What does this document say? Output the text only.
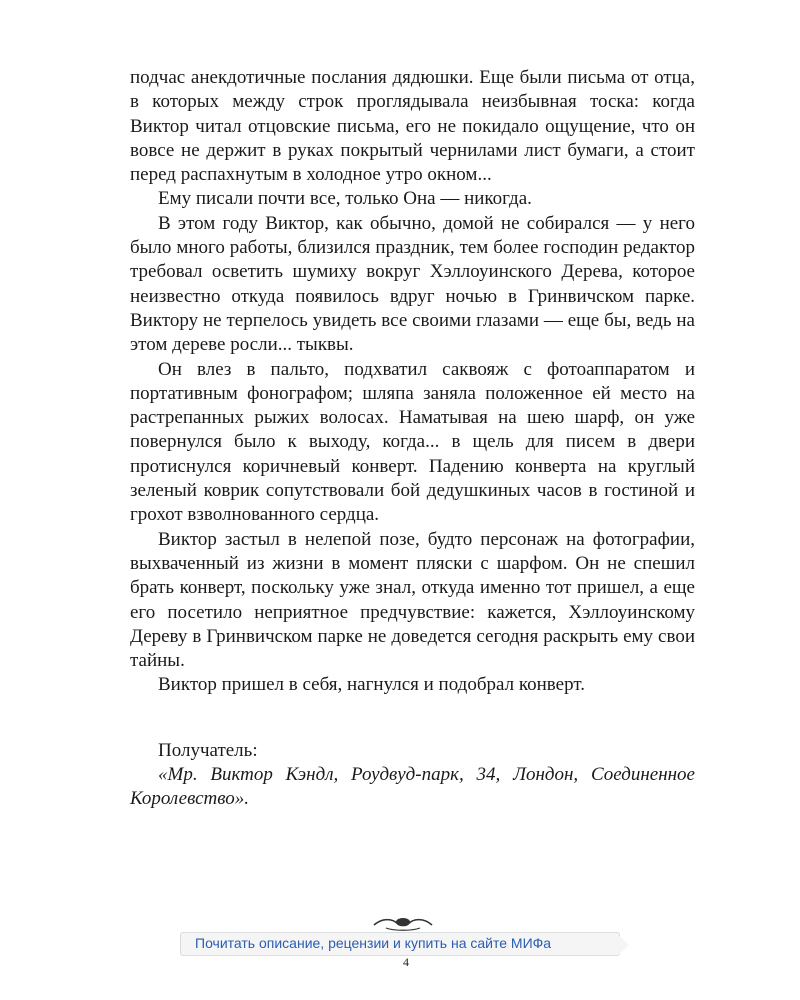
подчас анекдотичные послания дядюшки. Еще были письма от отца, в которых между строк проглядывала неизбывная тоска: когда Виктор читал отцовские письма, его не покидало ощущение, что он вовсе не держит в руках покрытый чернилами лист бумаги, а стоит перед распахнутым в холодное утро окном...

Ему писали почти все, только Она — никогда.

В этом году Виктор, как обычно, домой не собирался — у него было много работы, близился праздник, тем более господин редактор требовал осветить шумиху вокруг Хэллоуинского Дерева, которое неизвестно откуда появилось вдруг ночью в Гринвичском парке. Виктору не терпелось увидеть все своими глазами — еще бы, ведь на этом дереве росли... тыквы.

Он влез в пальто, подхватил саквояж с фотоаппаратом и портативным фонографом; шляпа заняла положенное ей место на растрепанных рыжих волосах. Наматывая на шею шарф, он уже повернулся было к выходу, когда... в щель для писем в двери протиснулся коричневый конверт. Падению конверта на круглый зеленый коврик сопутствовали бой дедушкиных часов в гостиной и грохот взволнованного сердца.

Виктор застыл в нелепой позе, будто персонаж на фотографии, выхваченный из жизни в момент пляски с шарфом. Он не спешил брать конверт, поскольку уже знал, откуда именно тот пришел, а еще его посетило неприятное предчувствие: кажется, Хэллоуинскому Дереву в Гринвичском парке не доведется сегодня раскрыть ему свои тайны.

Виктор пришел в себя, нагнулся и подобрал конверт.

Получатель:

«Мр. Виктор Кэндл, Роудвуд-парк, 34, Лондон, Соединенное Королевство».

Почитать описание, рецензии и купить на сайте МИФа
4
